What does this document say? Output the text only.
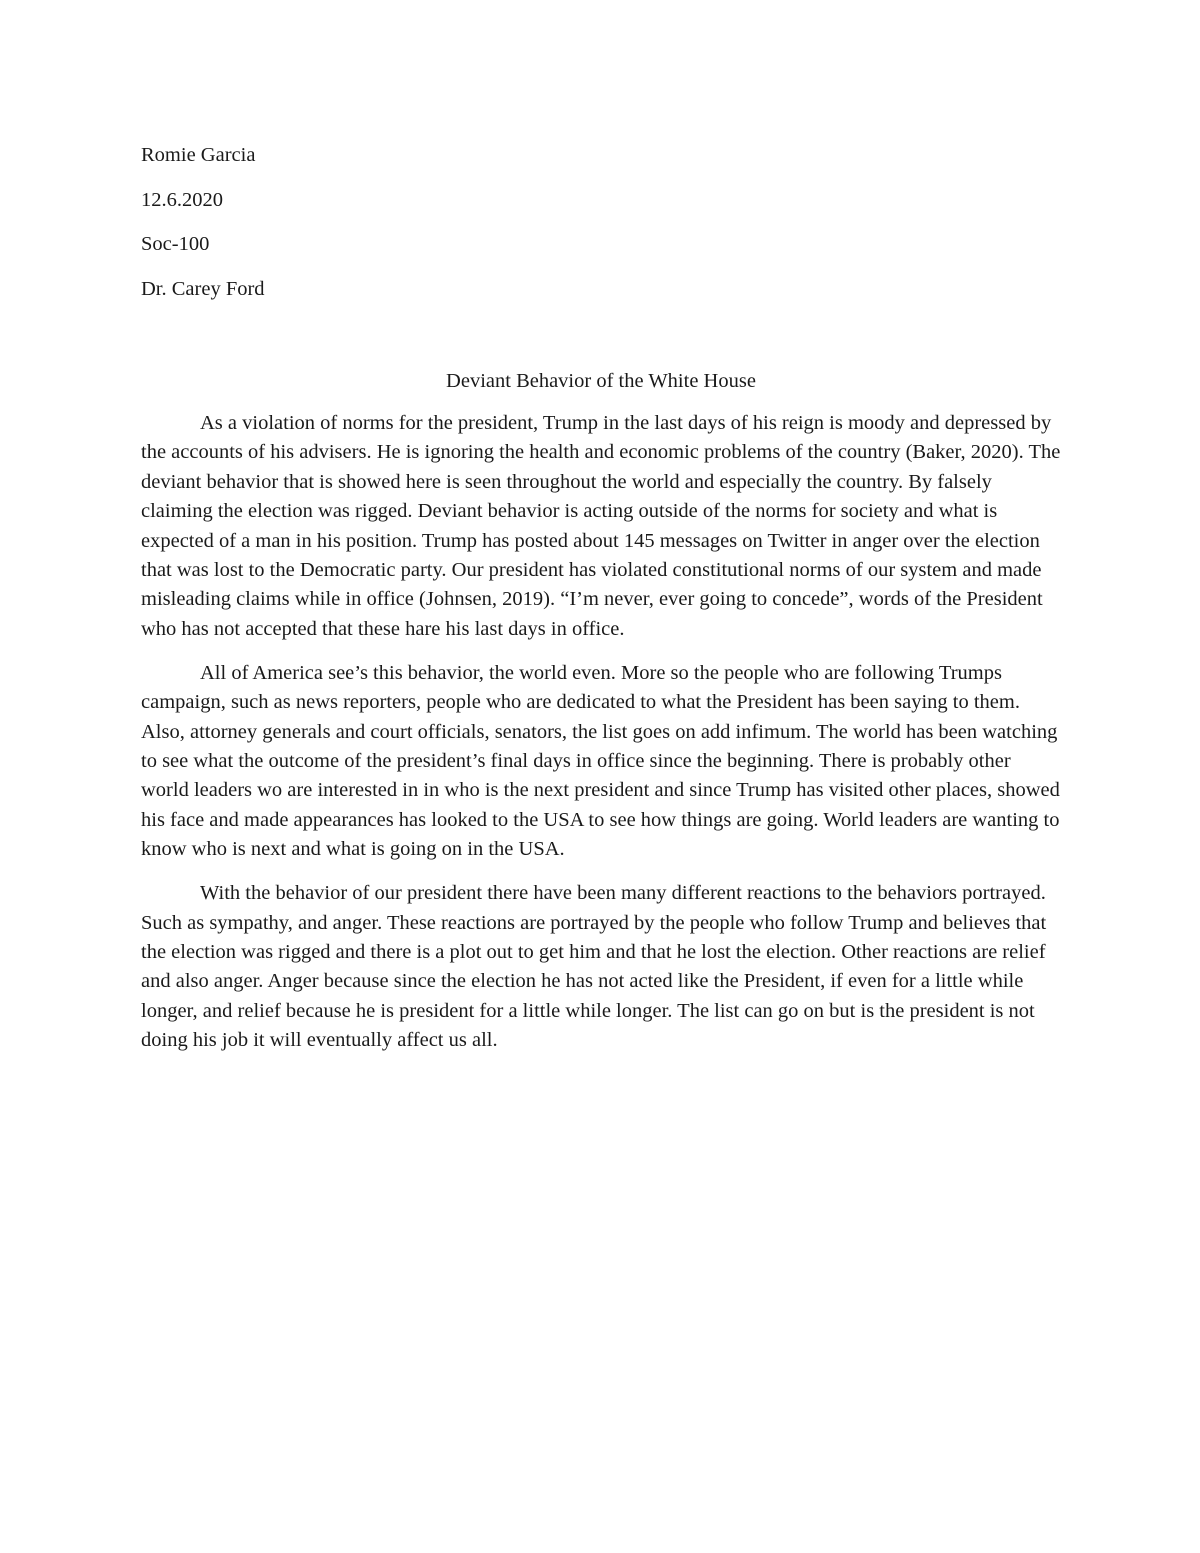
Romie Garcia

12.6.2020

Soc-100

Dr. Carey Ford

Deviant Behavior of the White House

As a violation of norms for the president, Trump in the last days of his reign is moody and depressed by the accounts of his advisers. He is ignoring the health and economic problems of the country (Baker, 2020). The deviant behavior that is showed here is seen throughout the world and especially the country. By falsely claiming the election was rigged. Deviant behavior is acting outside of the norms for society and what is expected of a man in his position. Trump has posted about 145 messages on Twitter in anger over the election that was lost to the Democratic party. Our president has violated constitutional norms of our system and made misleading claims while in office (Johnsen, 2019). “I’m never, ever going to concede”, words of the President who has not accepted that these hare his last days in office.

All of America see’s this behavior, the world even. More so the people who are following Trumps campaign, such as news reporters, people who are dedicated to what the President has been saying to them. Also, attorney generals and court officials, senators, the list goes on add infimum. The world has been watching to see what the outcome of the president’s final days in office since the beginning. There is probably other world leaders wo are interested in in who is the next president and since Trump has visited other places, showed his face and made appearances has looked to the USA to see how things are going. World leaders are wanting to know who is next and what is going on in the USA.

With the behavior of our president there have been many different reactions to the behaviors portrayed. Such as sympathy, and anger. These reactions are portrayed by the people who follow Trump and believes that the election was rigged and there is a plot out to get him and that he lost the election. Other reactions are relief and also anger. Anger because since the election he has not acted like the President, if even for a little while longer, and relief because he is president for a little while longer. The list can go on but is the president is not doing his job it will eventually affect us all.
